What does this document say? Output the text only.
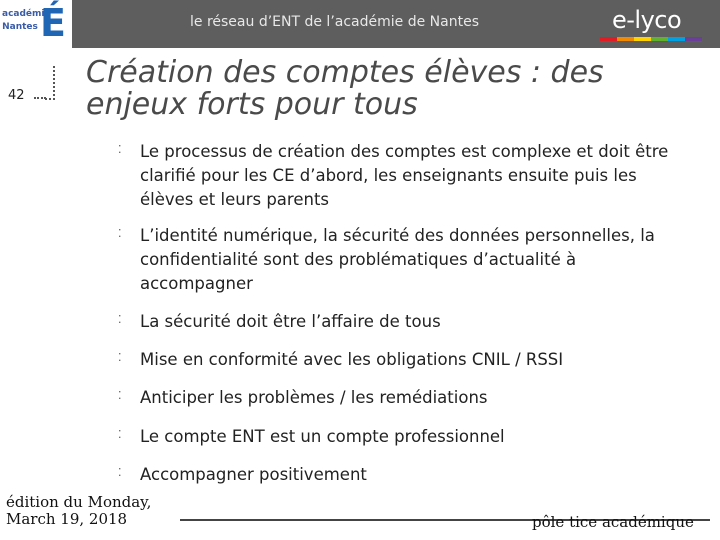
académie
Nantes É	le réseau d’ENT de l’académie de Nantes	e-lyco
42
Création des comptes élèves : des enjeux forts pour tous
⁚	Le processus de création des comptes est complexe et doit être clarifié pour les CE d’abord, les enseignants ensuite puis les élèves et leurs parents
⁚	L’identité numérique, la sécurité des données personnelles, la confidentialité sont des problématiques d’actualité à accompagner
⁚	La sécurité doit être l’affaire de tous
⁚	Mise en conformité avec les obligations CNIL / RSSI
⁚	Anticiper les problèmes / les remédiations
⁚	Le compte ENT est un compte professionnel
⁚	Accompagner positivement
édition du Monday, March 19, 2018	pôle tice académique
